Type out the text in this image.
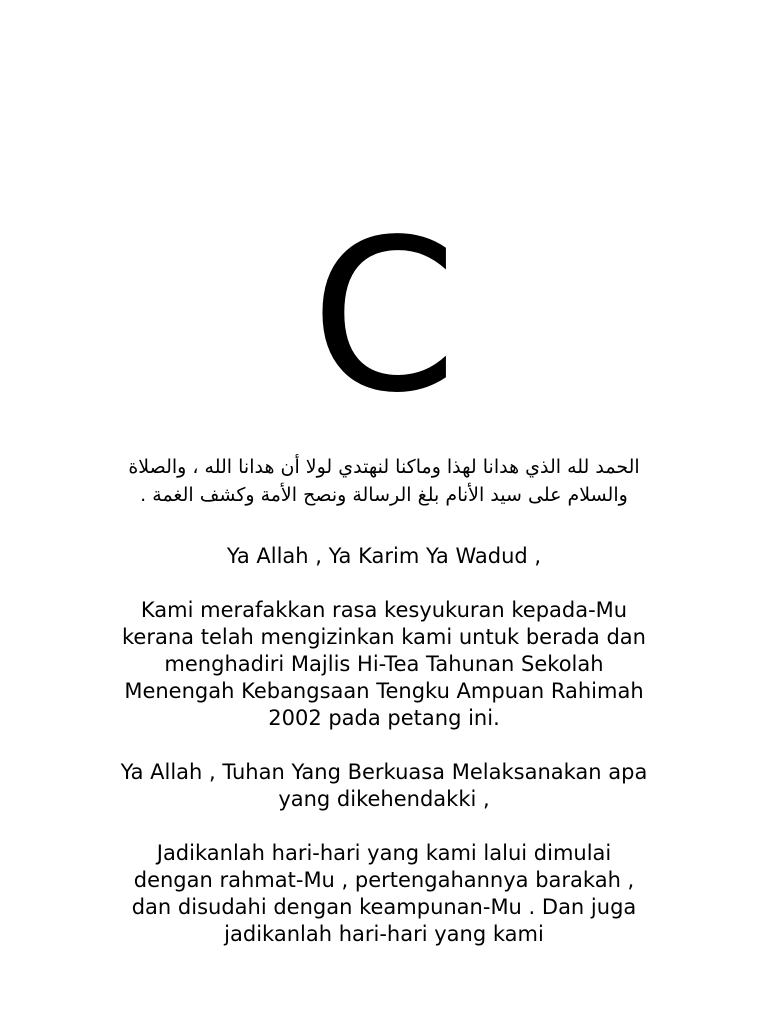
C
الحمد لله الذي هدانا لهذا وماكنا لنهتدي لولا أن هدانا الله ، والصلاة والسلام على سيد الأنام بلغ الرسالة ونصح الأمة وكشف الغمة .

Ya Allah , Ya Karim Ya Wadud ,

Kami merafakkan rasa kesyukuran kepada-Mu kerana telah mengizinkan kami untuk berada dan menghadiri Majlis Hi-Tea Tahunan Sekolah Menengah Kebangsaan Tengku Ampuan Rahimah 2002 pada petang ini.

Ya Allah , Tuhan Yang Berkuasa Melaksanakan apa yang dikehendakki ,

Jadikanlah hari-hari yang kami lalui dimulai dengan rahmat-Mu , pertengahannya barakah , dan disudahi dengan keampunan-Mu . Dan juga jadikanlah hari-hari yang kami
